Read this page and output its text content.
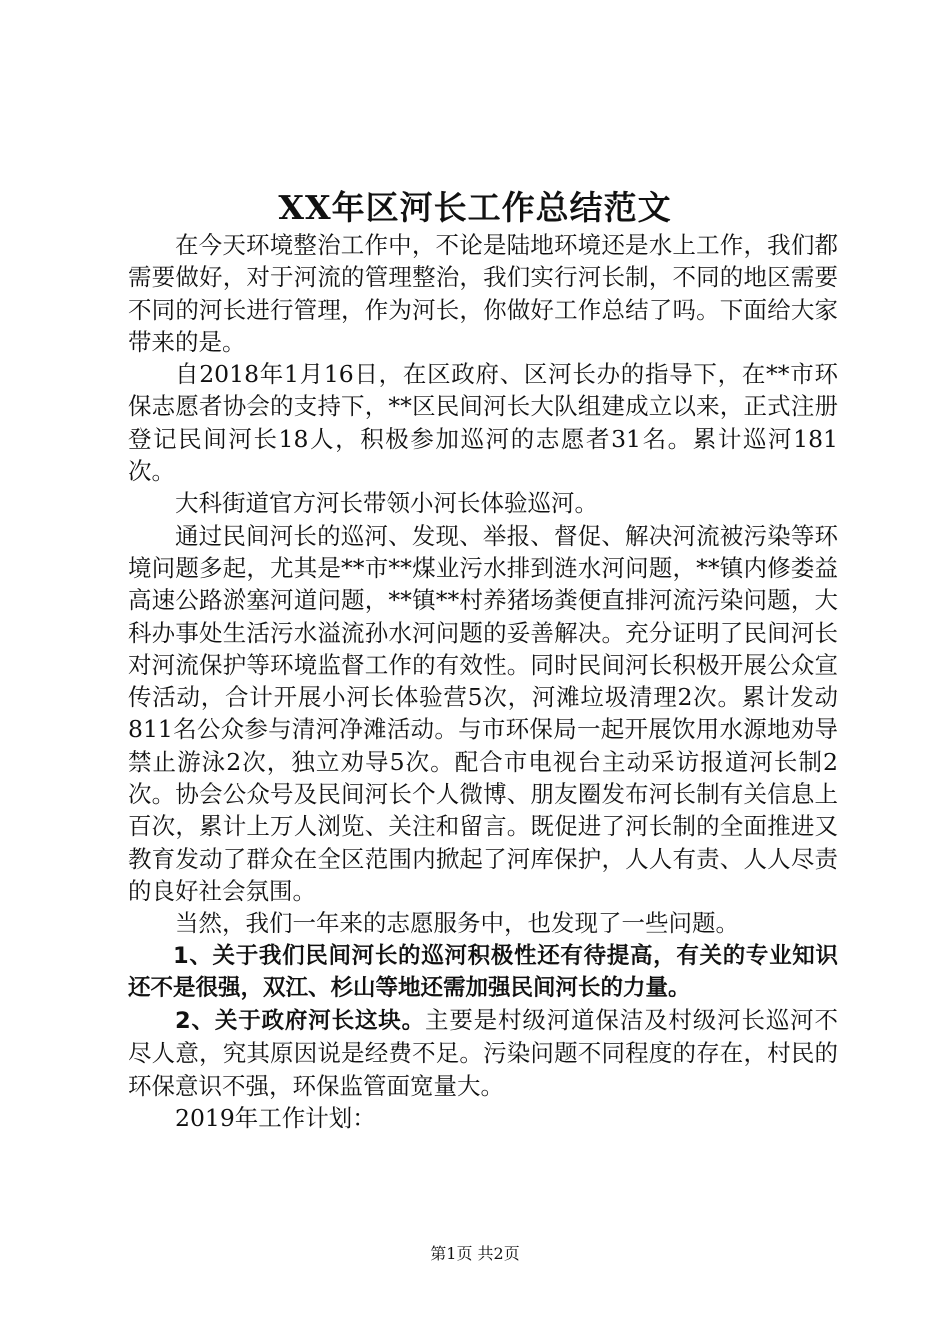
XX年区河长工作总结范文

在今天环境整治工作中，不论是陆地环境还是水上工作，我们都需要做好，对于河流的管理整治，我们实行河长制，不同的地区需要不同的河长进行管理，作为河长，你做好工作总结了吗。下面给大家带来的是。

自2018年1月16日，在区政府、区河长办的指导下，在**市环保志愿者协会的支持下，**区民间河长大队组建成立以来，正式注册登记民间河长18人，积极参加巡河的志愿者31名。累计巡河181次。

大科街道官方河长带领小河长体验巡河。

通过民间河长的巡河、发现、举报、督促、解决河流被污染等环境问题多起，尤其是**市**煤业污水排到涟水河问题，**镇内修娄益高速公路淤塞河道问题，**镇**村养猪场粪便直排河流污染问题，大科办事处生活污水溢流孙水河问题的妥善解决。充分证明了民间河长对河流保护等环境监督工作的有效性。同时民间河长积极开展公众宣传活动，合计开展小河长体验营5次，河滩垃圾清理2次。累计发动811名公众参与清河净滩活动。与市环保局一起开展饮用水源地劝导禁止游泳2次，独立劝导5次。配合市电视台主动采访报道河长制2次。协会公众号及民间河长个人微博、朋友圈发布河长制有关信息上百次，累计上万人浏览、关注和留言。既促进了河长制的全面推进又教育发动了群众在全区范围内掀起了河库保护，人人有责、人人尽责的良好社会氛围。

当然，我们一年来的志愿服务中，也发现了一些问题。

1、关于我们民间河长的巡河积极性还有待提高，有关的专业知识还不是很强，双江、杉山等地还需加强民间河长的力量。

2、关于政府河长这块。主要是村级河道保洁及村级河长巡河不尽人意，究其原因说是经费不足。污染问题不同程度的存在，村民的环保意识不强，环保监管面宽量大。

2019年工作计划：

第1页 共2页
